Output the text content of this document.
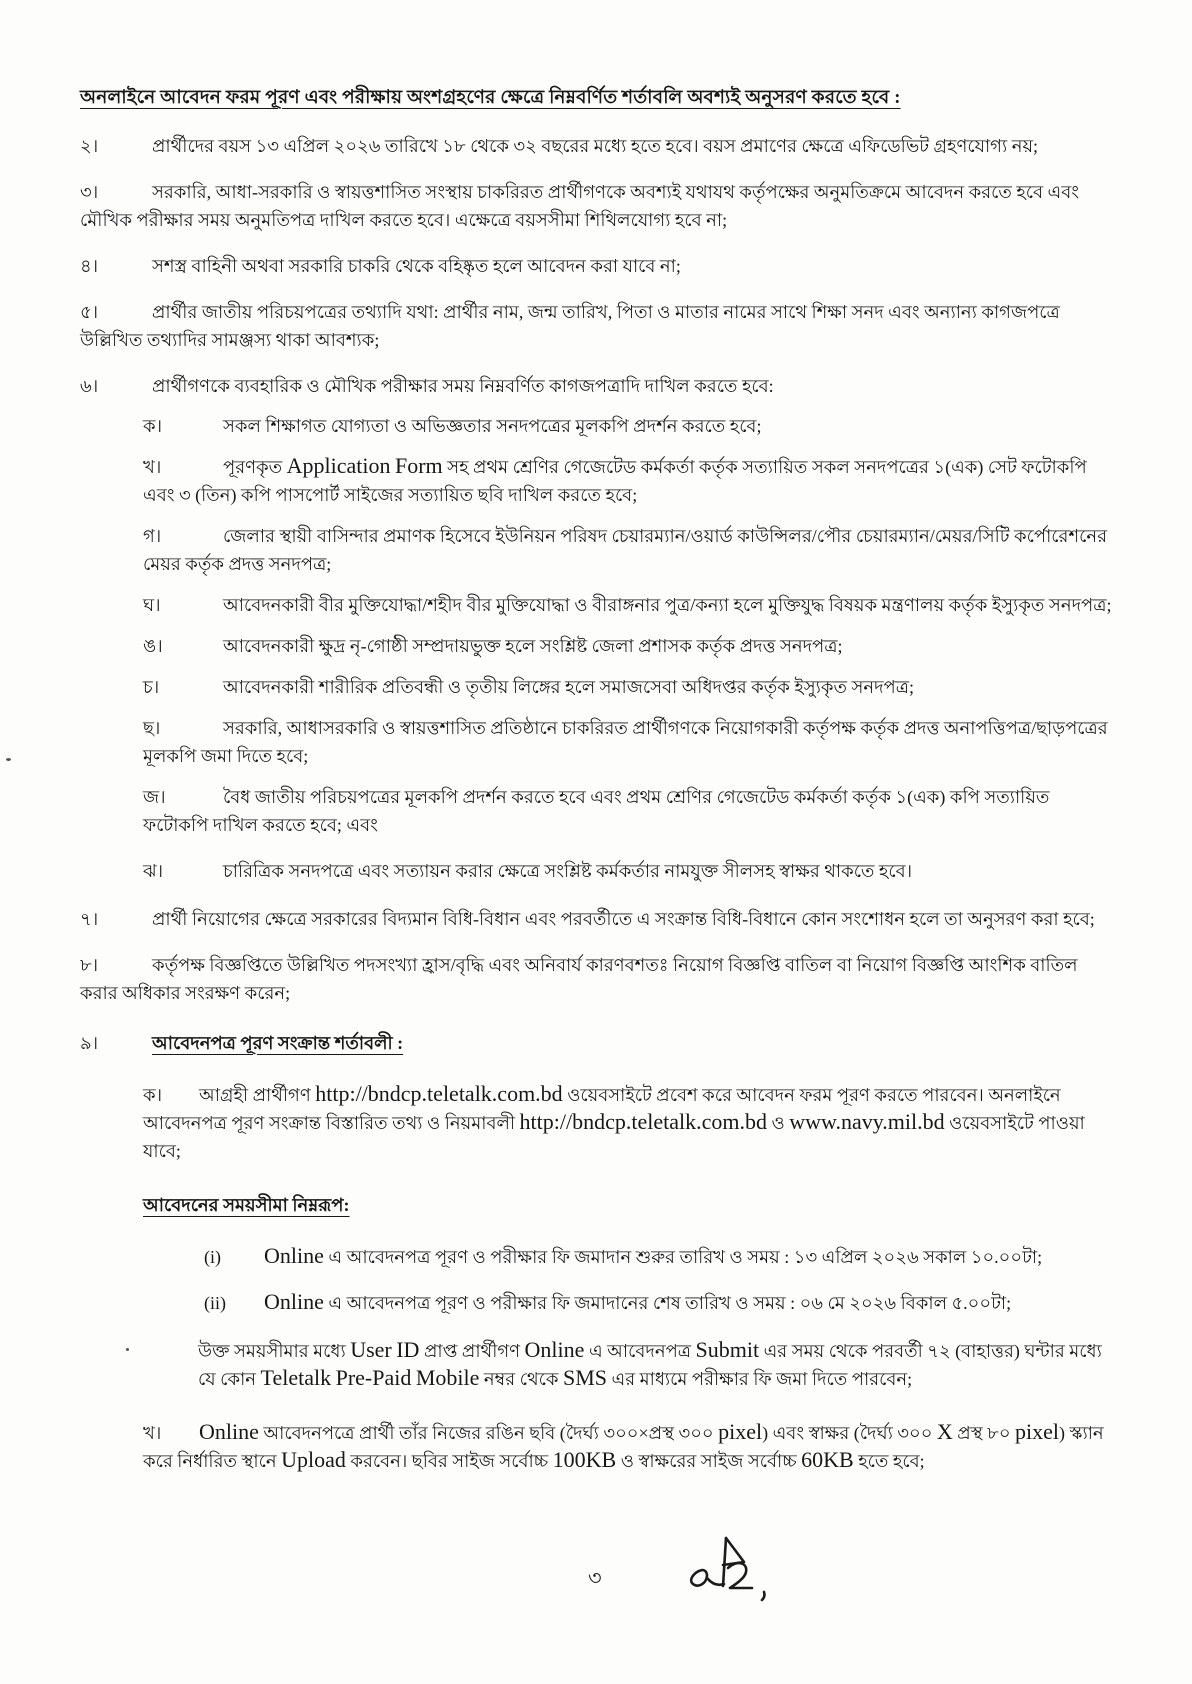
অনলাইনে আবেদন ফরম পূরণ এবং পরীক্ষায় অংশগ্রহণের ক্ষেত্রে নিম্নবর্ণিত শর্তাবলি অবশ্যই অনুসরণ করতে হবে :
২।	প্রার্থীদের বয়স ১৩ এপ্রিল ২০২৬ তারিখে ১৮ থেকে ৩২ বছরের মধ্যে হতে হবে। বয়স প্রমাণের ক্ষেত্রে এফিডেভিট গ্রহণযোগ্য নয়;
৩।	সরকারি, আধা-সরকারি ও স্বায়ত্তশাসিত সংস্থায় চাকরিরত প্রার্থীগণকে অবশ্যই যথাযথ কর্তৃপক্ষের অনুমতিক্রমে আবেদন করতে হবে এবং মৌখিক পরীক্ষার সময় অনুমতিপত্র দাখিল করতে হবে। এক্ষেত্রে বয়সসীমা শিথিলযোগ্য হবে না;
৪।	সশস্ত্র বাহিনী অথবা সরকারি চাকরি থেকে বহিষ্কৃত হলে আবেদন করা যাবে না;
৫।	প্রার্থীর জাতীয় পরিচয়পত্রের তথ্যাদি যথা: প্রার্থীর নাম, জন্ম তারিখ, পিতা ও মাতার নামের সাথে শিক্ষা সনদ এবং অন্যান্য কাগজপত্রে উল্লিখিত তথ্যাদির সামঞ্জস্য থাকা আবশ্যক;
৬।	প্রার্থীগণকে ব্যবহারিক ও মৌখিক পরীক্ষার সময় নিম্নবর্ণিত কাগজপত্রাদি দাখিল করতে হবে:
ক।	সকল শিক্ষাগত যোগ্যতা ও অভিজ্ঞতার সনদপত্রের মূলকপি প্রদর্শন করতে হবে;
খ।	পূরণকৃত Application Form সহ প্রথম শ্রেণির গেজেটেড কর্মকর্তা কর্তৃক সত্যায়িত সকল সনদপত্রের ১(এক) সেট ফটোকপি এবং ৩ (তিন) কপি পাসপোর্ট সাইজের সত্যায়িত ছবি দাখিল করতে হবে;
গ।	জেলার স্থায়ী বাসিন্দার প্রমাণক হিসেবে ইউনিয়ন পরিষদ চেয়ারম্যান/ওয়ার্ড কাউন্সিলর/পৌর চেয়ারম্যান/মেয়র/সিটি কর্পোরেশনের মেয়র কর্তৃক প্রদত্ত সনদপত্র;
ঘ।	আবেদনকারী বীর মুক্তিযোদ্ধা/শহীদ বীর মুক্তিযোদ্ধা ও বীরাঙ্গনার পুত্র/কন্যা হলে মুক্তিযুদ্ধ বিষয়ক মন্ত্রণালয় কর্তৃক ইস্যুকৃত সনদপত্র;
ঙ।	আবেদনকারী ক্ষুদ্র নৃ-গোষ্ঠী সম্প্রদায়ভুক্ত হলে সংশ্লিষ্ট জেলা প্রশাসক কর্তৃক প্রদত্ত সনদপত্র;
চ।	আবেদনকারী শারীরিক প্রতিবন্ধী ও তৃতীয় লিঙ্গের হলে সমাজসেবা অধিদপ্তর কর্তৃক ইস্যুকৃত সনদপত্র;
ছ।	সরকারি, আধাসরকারি ও স্বায়ত্তশাসিত প্রতিষ্ঠানে চাকরিরত প্রার্থীগণকে নিয়োগকারী কর্তৃপক্ষ কর্তৃক প্রদত্ত অনাপত্তিপত্র/ছাড়পত্রের মূলকপি জমা দিতে হবে;
জ।	বৈধ জাতীয় পরিচয়পত্রের মূলকপি প্রদর্শন করতে হবে এবং প্রথম শ্রেণির গেজেটেড কর্মকর্তা কর্তৃক ১(এক) কপি সত্যায়িত ফটোকপি দাখিল করতে হবে; এবং
ঝ।	চারিত্রিক সনদপত্রে এবং সত্যায়ন করার ক্ষেত্রে সংশ্লিষ্ট কর্মকর্তার নামযুক্ত সীলসহ স্বাক্ষর থাকতে হবে।
৭।	প্রার্থী নিয়োগের ক্ষেত্রে সরকারের বিদ্যমান বিধি-বিধান এবং পরবর্তীতে এ সংক্রান্ত বিধি-বিধানে কোন সংশোধন হলে তা অনুসরণ করা হবে;
৮।	কর্তৃপক্ষ বিজ্ঞপ্তিতে উল্লিখিত পদসংখ্যা হ্রাস/বৃদ্ধি এবং অনিবার্য কারণবশতঃ নিয়োগ বিজ্ঞপ্তি বাতিল বা নিয়োগ বিজ্ঞপ্তি আংশিক বাতিল করার অধিকার সংরক্ষণ করেন;
৯।	আবেদনপত্র পূরণ সংক্রান্ত শর্তাবলী :
ক। আগ্রহী প্রার্থীগণ http://bndcp.teletalk.com.bd ওয়েবসাইটে প্রবেশ করে আবেদন ফরম পূরণ করতে পারবেন। অনলাইনে আবেদনপত্র পূরণ সংক্রান্ত বিস্তারিত তথ্য ও নিয়মাবলী http://bndcp.teletalk.com.bd ও www.navy.mil.bd ওয়েবসাইটে পাওয়া যাবে;
আবেদনের সময়সীমা নিম্নরূপ:
(i) Online এ আবেদনপত্র পূরণ ও পরীক্ষার ফি জমাদান শুরুর তারিখ ও সময় : ১৩ এপ্রিল ২০২৬ সকাল ১০.০০টা;
(ii) Online এ আবেদনপত্র পূরণ ও পরীক্ষার ফি জমাদানের শেষ তারিখ ও সময় : ০৬ মে ২০২৬ বিকাল ৫.০০টা;
উক্ত সময়সীমার মধ্যে User ID প্রাপ্ত প্রার্থীগণ Online এ আবেদনপত্র Submit এর সময় থেকে পরবর্তী ৭২ (বাহাত্তর) ঘন্টার মধ্যে যে কোন Teletalk Pre-Paid Mobile নম্বর থেকে SMS এর মাধ্যমে পরীক্ষার ফি জমা দিতে পারবেন;
খ। Online আবেদনপত্রে প্রার্থী তাঁর নিজের রঙিন ছবি (দৈর্ঘ্য ৩০০×প্রস্থ ৩০০ pixel) এবং স্বাক্ষর (দৈর্ঘ্য ৩০০ X প্রস্থ ৮০ pixel) স্ক্যান করে নির্ধারিত স্থানে Upload করবেন। ছবির সাইজ সর্বোচ্চ 100KB ও স্বাক্ষরের সাইজ সর্বোচ্চ 60KB হতে হবে;
৩
